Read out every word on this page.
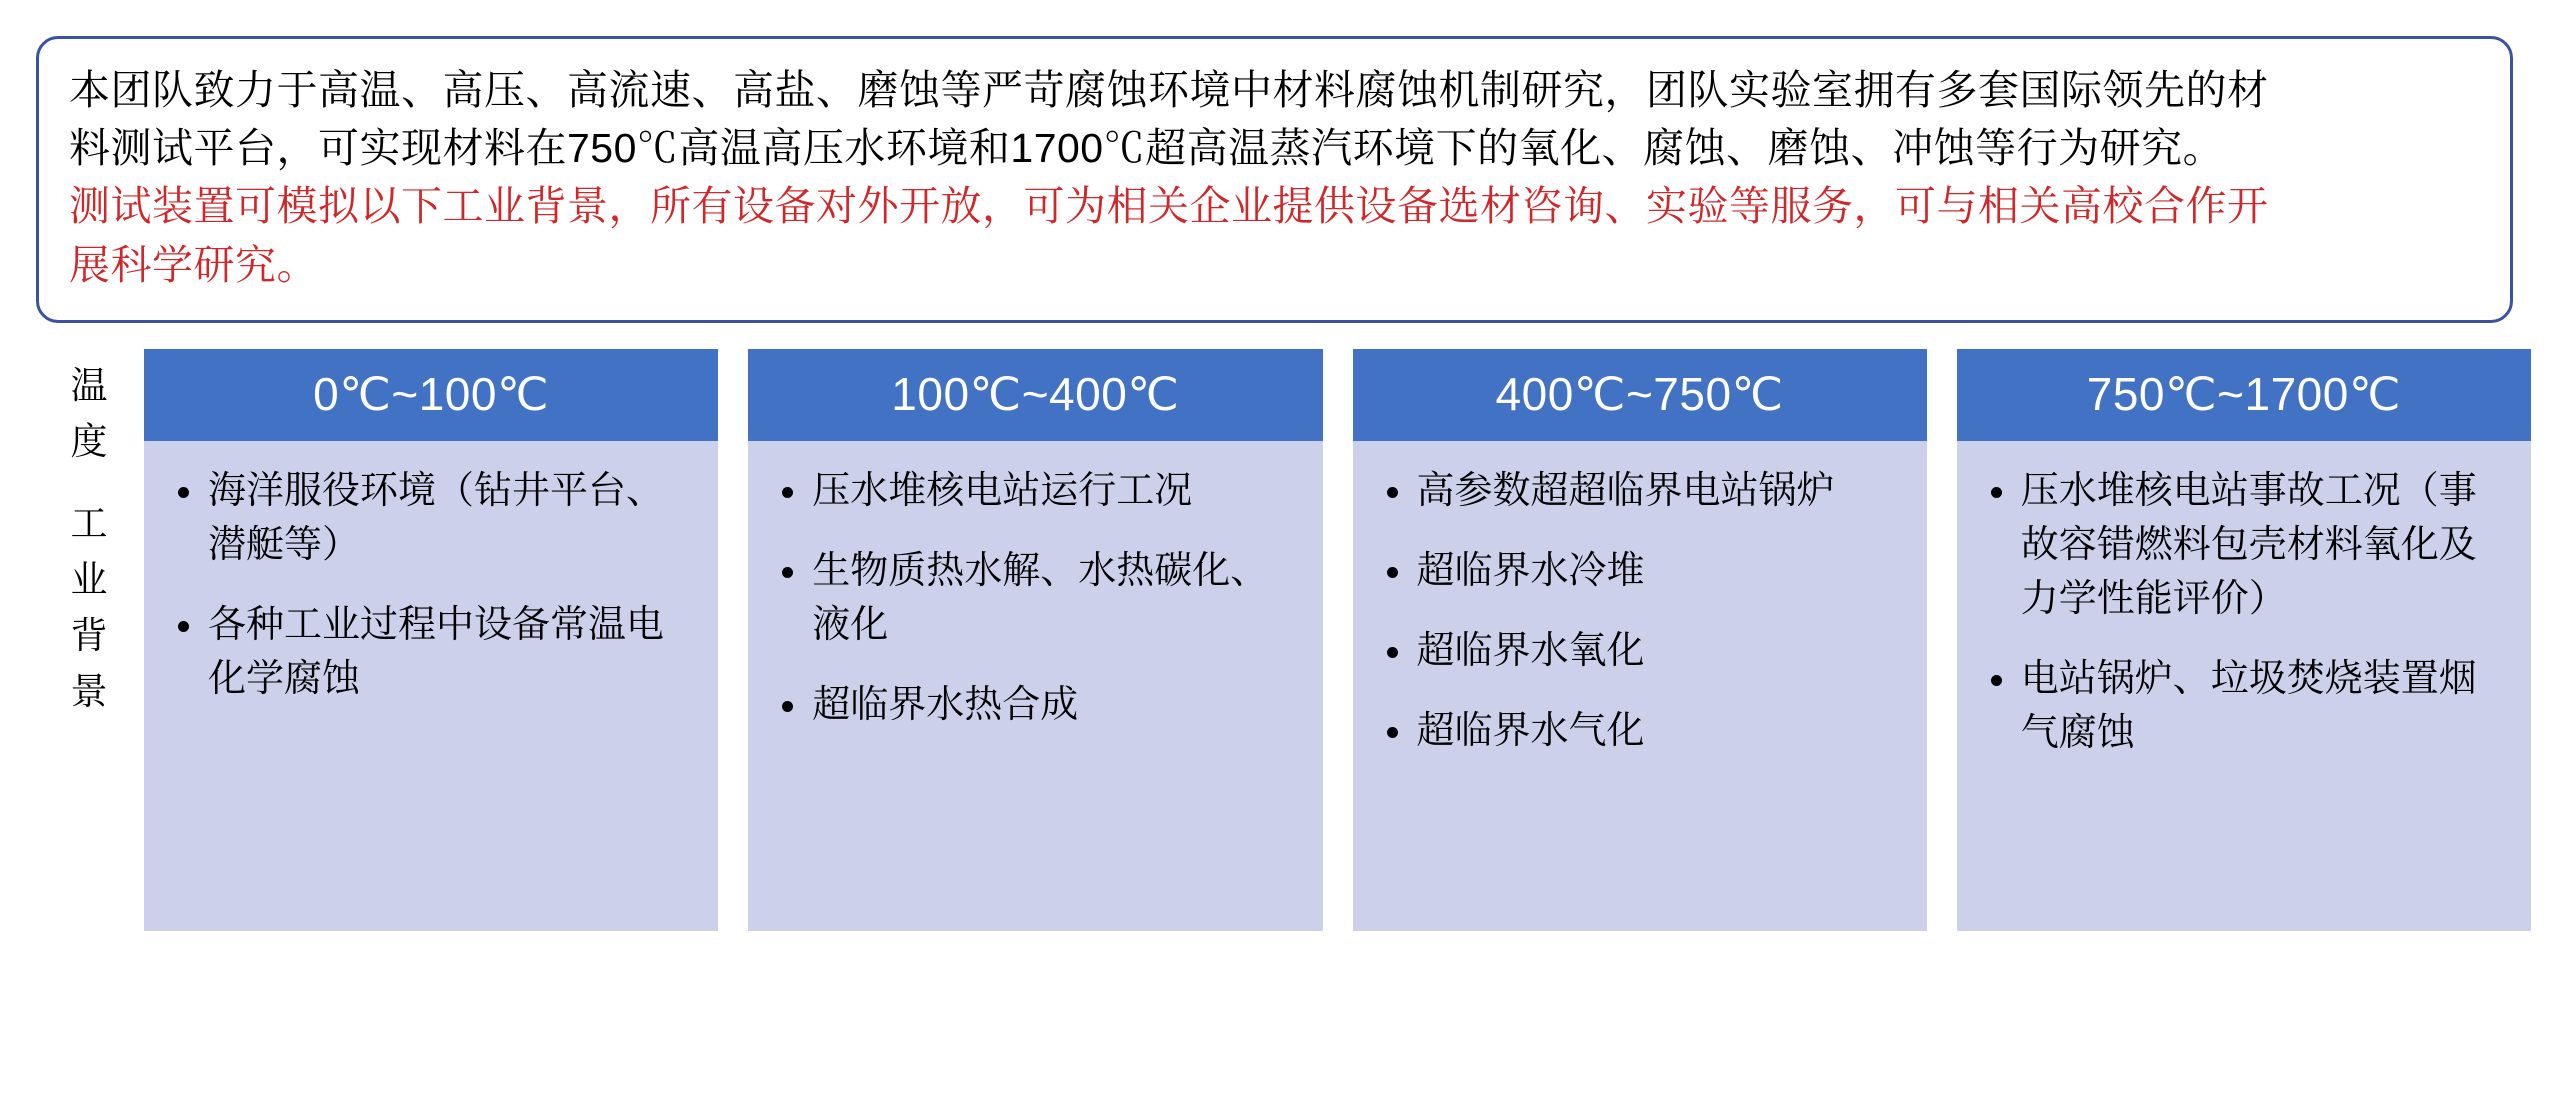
本团队致力于高温、高压、高流速、高盐、磨蚀等严苛腐蚀环境中材料腐蚀机制研究，团队实验室拥有多套国际领先的材
料测试平台，可实现材料在750℃高温高压水环境和1700℃超高温蒸汽环境下的氧化、腐蚀、磨蚀、冲蚀等行为研究。
测试装置可模拟以下工业背景，所有设备对外开放，可为相关企业提供设备选材咨询、实验等服务，可与相关高校合作开
展科学研究。
温
度
工
业
背
景
0℃~100℃
海洋服役环境（钻井平台、潜艇等）
各种工业过程中设备常温电化学腐蚀
100℃~400℃
压水堆核电站运行工况
生物质热水解、水热碳化、液化
超临界水热合成
400℃~750℃
高参数超超临界电站锅炉
超临界水冷堆
超临界水氧化
超临界水气化
750℃~1700℃
压水堆核电站事故工况（事故容错燃料包壳材料氧化及力学性能评价）
电站锅炉、垃圾焚烧装置烟气腐蚀
